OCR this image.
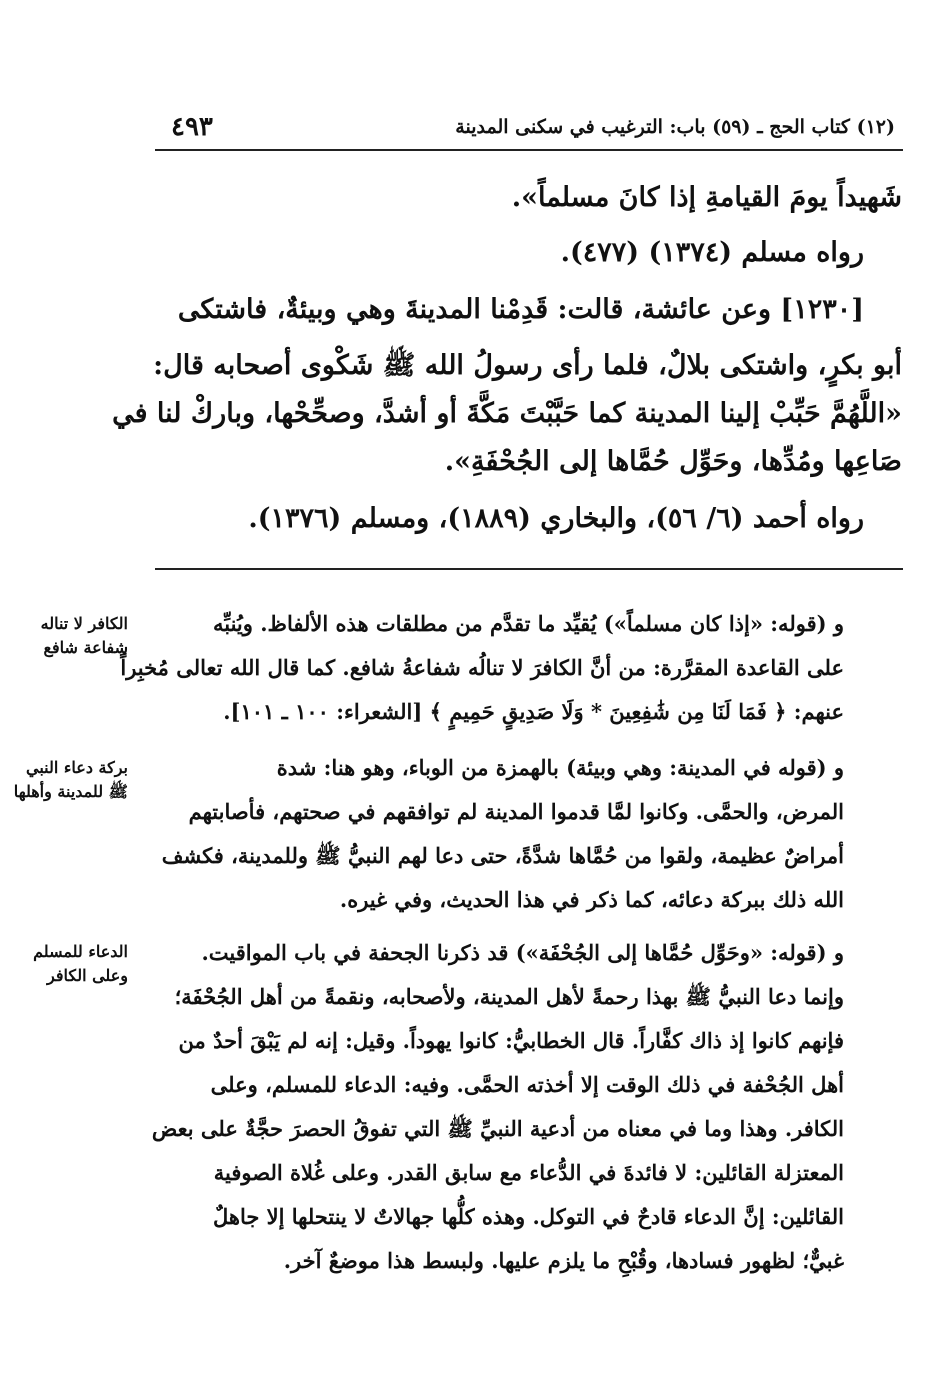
٤٩٣	(١٢) كتاب الحج ـ (٥٩) باب: الترغيب في سكنى المدينة
شَهيداً يومَ القيامةِ إذا كانَ مسلماً».
رواه مسلم (١٣٧٤) (٤٧٧).
[١٢٣٠] وعن عائشة، قالت: قَدِمْنا المدينةَ وهي وبيئةٌ، فاشتكى
أبو بكرٍ، واشتكى بلالٌ، فلما رأى رسولُ الله ﷺ شَكْوى أصحابه قال:
«اللَّهُمَّ حَبِّبْ إلينا المدينة كما حَبَّبْتَ مَكَّةَ أو أشدَّ، وصحِّحْها، وباركْ لنا في
صَاعِها ومُدِّها، وحَوِّل حُمَّاها إلى الجُحْفَةِ».
رواه أحمد (٦/ ٥٦)، والبخاري (١٨٨٩)، ومسلم (١٣٧٦).
و (قوله: «إذا كان مسلماً») يُقيِّد ما تقدَّم من مطلقات هذه الألفاظ. ويُنبِّه
على القاعدة المقرَّرة: من أنَّ الكافرَ لا تنالُه شفاعةُ شافع. كما قال الله تعالى مُخبِراً
عنهم: ﴿ فَمَا لَنَا مِن شَٰفِعِينَ * وَلَا صَدِيقٍ حَمِيمٍ ﴾ [الشعراء: ١٠٠ ـ ١٠١].
و (قوله في المدينة: وهي وبيئة) بالهمزة من الوباء، وهو هنا: شدة
المرض، والحمَّى. وكانوا لمَّا قدموا المدينة لم توافقهم في صحتهم، فأصابتهم
أمراضٌ عظيمة، ولقوا من حُمَّاها شدَّةً، حتى دعا لهم النبيُّ ﷺ وللمدينة، فكشف
الله ذلك ببركة دعائه، كما ذكر في هذا الحديث، وفي غيره.
و (قوله: «وحَوِّل حُمَّاها إلى الجُحْفَة») قد ذكرنا الجحفة في باب المواقيت.
وإنما دعا النبيُّ ﷺ بهذا رحمةً لأهل المدينة، ولأصحابه، ونقمةً من أهل الجُحْفَة؛
فإنهم كانوا إذ ذاك كفَّاراً. قال الخطابيُّ: كانوا يهوداً. وقيل: إنه لم يَبْقَ أحدٌ من
أهل الجُحْفة في ذلك الوقت إلا أخذته الحمَّى. وفيه: الدعاء للمسلم، وعلى
الكافر. وهذا وما في معناه من أدعية النبيِّ ﷺ التي تفوقُ الحصرَ حجَّةٌ على بعض
المعتزلة القائلين: لا فائدةَ في الدُّعاء مع سابق القدر. وعلى غُلاة الصوفية
القائلين: إنَّ الدعاء قادحٌ في التوكل. وهذه كلُّها جهالاتٌ لا ينتحلها إلا جاهلٌ
غبيٌّ؛ لظهور فسادها، وقُبْحِ ما يلزم عليها. ولبسط هذا موضعٌ آخر.
الكافر لا تناله شفاعة شافع
بركة دعاء النبي ﷺ للمدينة وأهلها
الدعاء للمسلم وعلى الكافر
